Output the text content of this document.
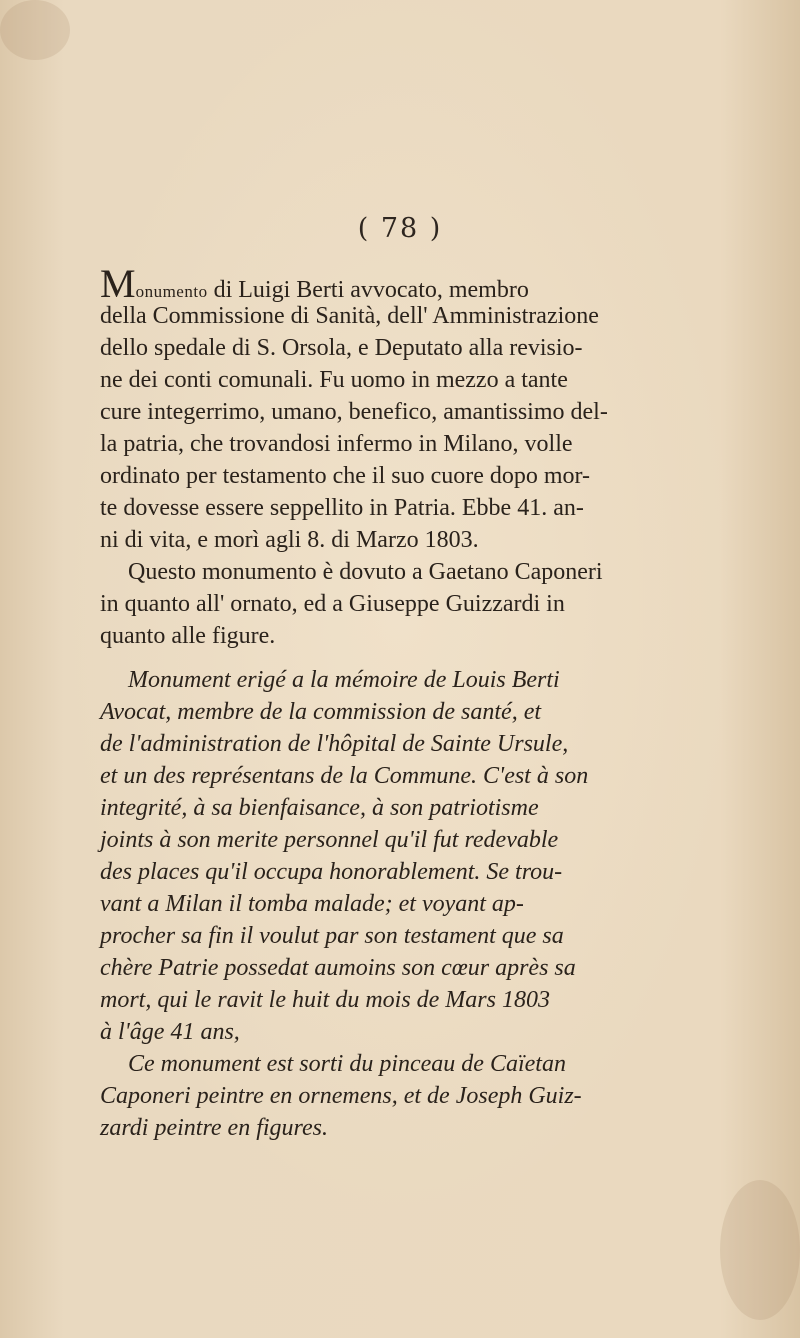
( 78 )
Monumento di Luigi Berti avvocato, membro
della Commissione di Sanità, dell' Amministrazione
dello spedale di S. Orsola, e Deputato alla revisio-
ne dei conti comunali. Fu uomo in mezzo a tante
cure integerrimo, umano, benefico, amantissimo del-
la patria, che trovandosi infermo in Milano, volle
ordinato per testamento che il suo cuore dopo mor-
te dovesse essere seppellito in Patria. Ebbe 41. an-
ni di vita, e morì agli 8. di Marzo 1803.
Questo monumento è dovuto a Gaetano Caponeri
in quanto all' ornato, ed a Giuseppe Guizzardi in
quanto alle figure.
Monument erigé a la mémoire de Louis Berti
Avocat, membre de la commission de santé, et
de l'administration de l'hôpital de Sainte Ursule,
et un des représentans de la Commune. C'est à son
integrité, à sa bienfaisance, à son patriotisme
joints à son merite personnel qu'il fut redevable
des places qu'il occupa honorablement. Se trou-
vant a Milan il tomba malade; et voyant ap-
procher sa fin il voulut par son testament que sa
chère Patrie possedat aumoins son cœur après sa
mort, qui le ravit le huit du mois de Mars 1803
à l'âge 41 ans,
Ce monument est sorti du pinceau de Caïetan
Caponeri peintre en ornemens, et de Joseph Guiz-
zardi peintre en figures.
